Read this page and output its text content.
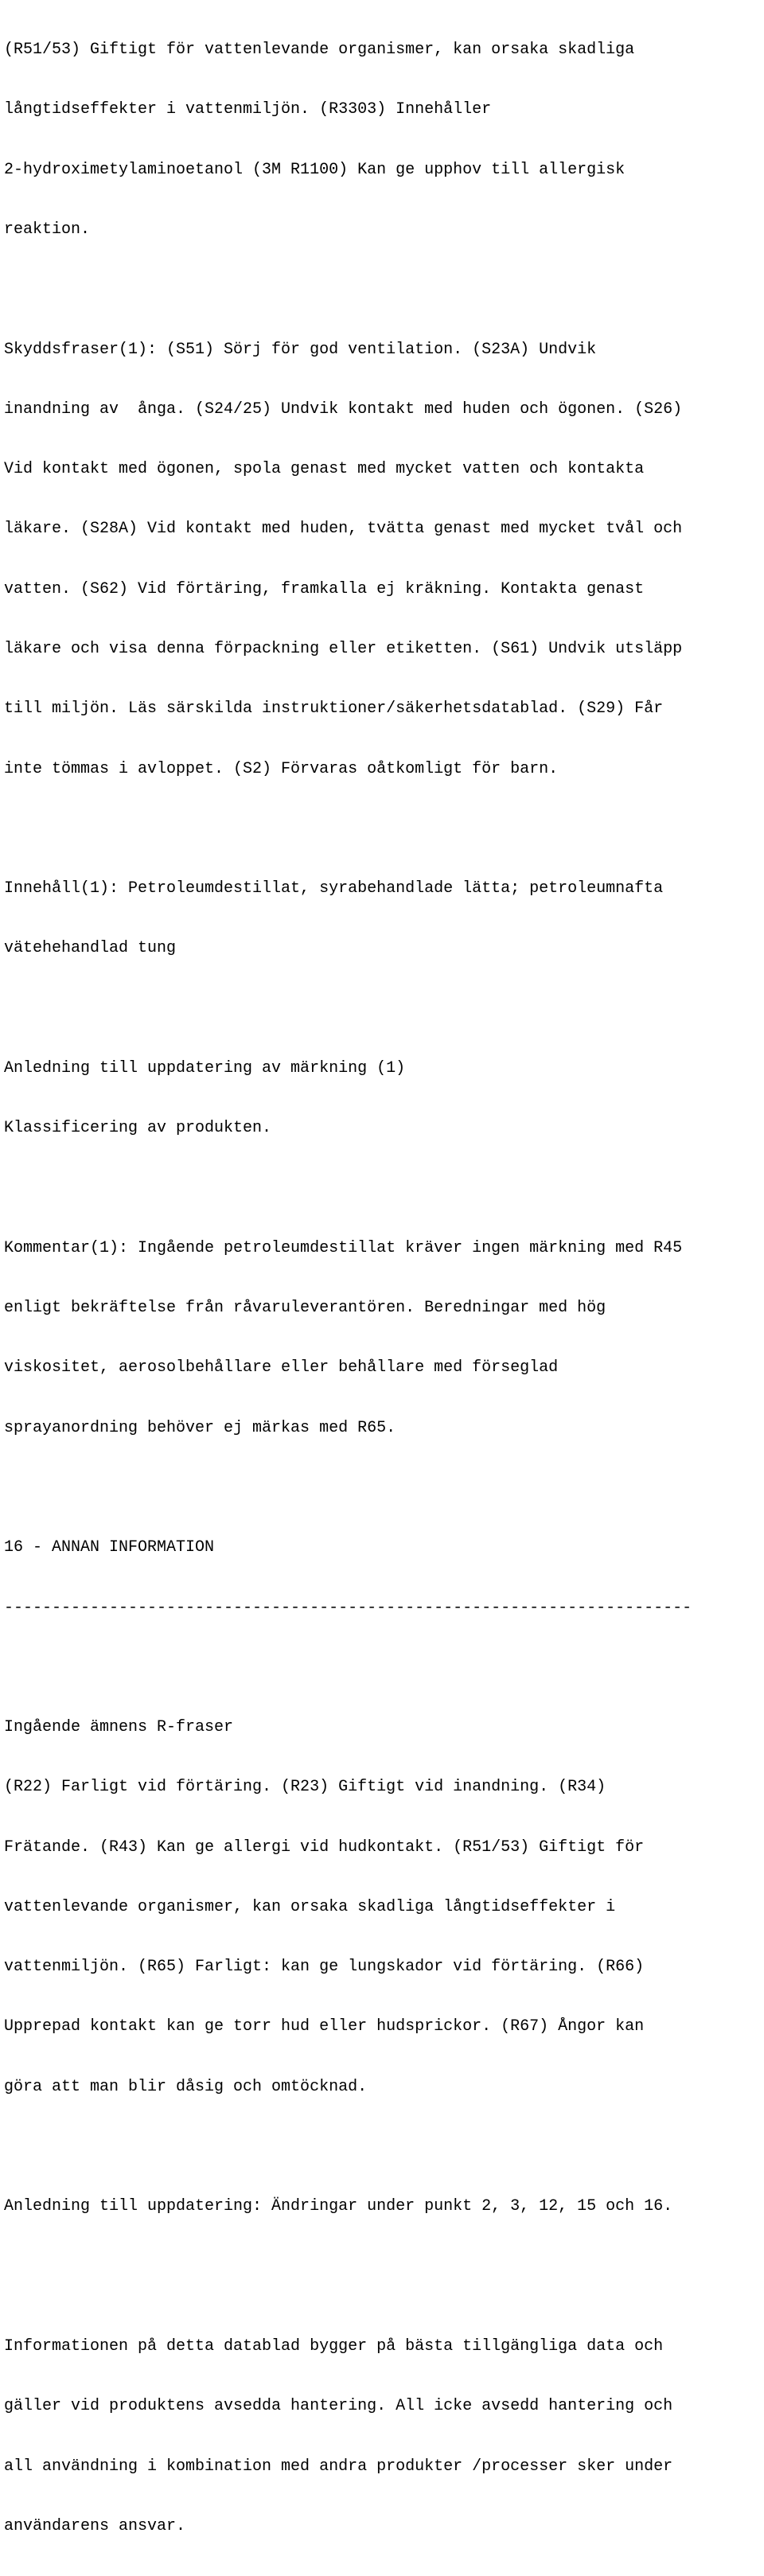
(R51/53) Giftigt för vattenlevande organismer, kan orsaka skadliga

långtidseffekter i vattenmiljön. (R3303) Innehåller

2-hydroximetylaminoetanol (3M R1100) Kan ge upphov till allergisk

reaktion.

Skyddsfraser(1): (S51) Sörj för god ventilation. (S23A) Undvik

inandning av  ånga. (S24/25) Undvik kontakt med huden och ögonen. (S26)

Vid kontakt med ögonen, spola genast med mycket vatten och kontakta

läkare. (S28A) Vid kontakt med huden, tvätta genast med mycket tvål och

vatten. (S62) Vid förtäring, framkalla ej kräkning. Kontakta genast

läkare och visa denna förpackning eller etiketten. (S61) Undvik utsläpp

till miljön. Läs särskilda instruktioner/säkerhetsdatablad. (S29) Får

inte tömmas i avloppet. (S2) Förvaras oåtkomligt för barn.

Innehåll(1): Petroleumdestillat, syrabehandlade lätta; petroleumnafta

vätehehandlad tung

Anledning till uppdatering av märkning (1)

Klassificering av produkten.

Kommentar(1): Ingående petroleumdestillat kräver ingen märkning med R45

enligt bekräftelse från råvaruleverantören. Beredningar med hög

viskositet, aerosolbehållare eller behållare med förseglad

sprayanordning behöver ej märkas med R65.

16 - ANNAN INFORMATION

------------------------------------------------------------------------

Ingående ämnens R-fraser

(R22) Farligt vid förtäring. (R23) Giftigt vid inandning. (R34)

Frätande. (R43) Kan ge allergi vid hudkontakt. (R51/53) Giftigt för

vattenlevande organismer, kan orsaka skadliga långtidseffekter i

vattenmiljön. (R65) Farligt: kan ge lungskador vid förtäring. (R66)

Upprepad kontakt kan ge torr hud eller hudsprickor. (R67) Ångor kan

göra att man blir dåsig och omtöcknad.

Anledning till uppdatering: Ändringar under punkt 2, 3, 12, 15 och 16.

Informationen på detta datablad bygger på bästa tillgängliga data och

gäller vid produktens avsedda hantering. All icke avsedd hantering och

all användning i kombination med andra produkter /processer sker under

användarens ansvar.
